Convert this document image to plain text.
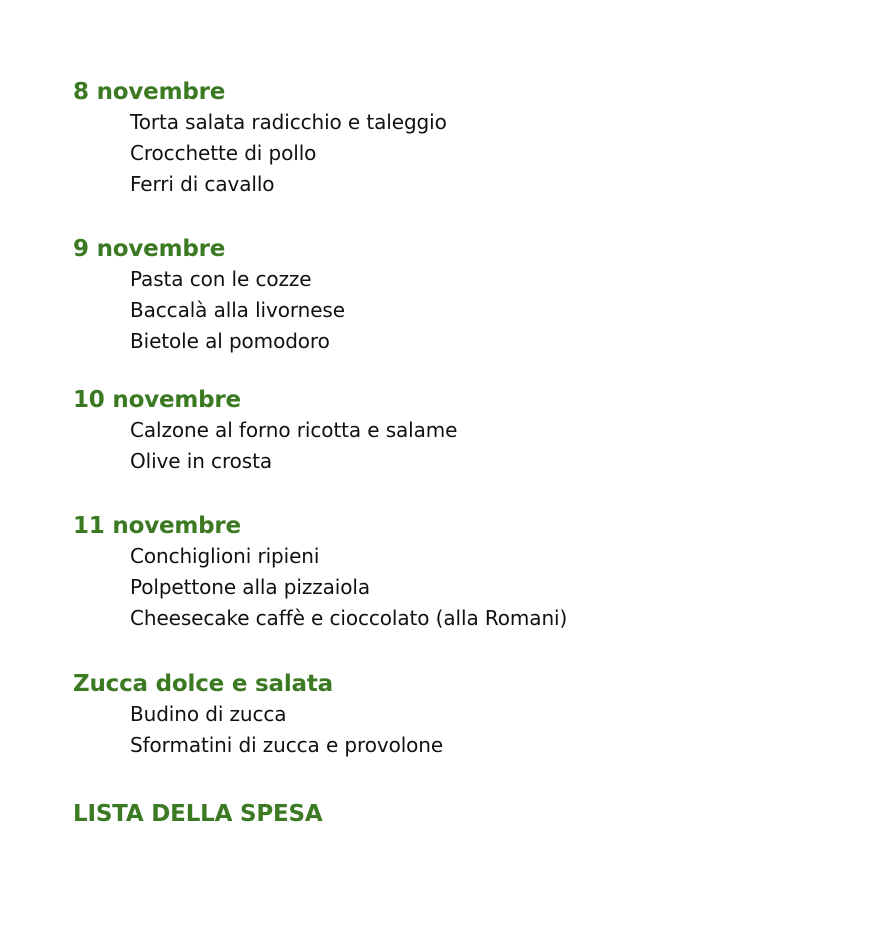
8 novembre
Torta salata radicchio e taleggio
Crocchette di pollo
Ferri di cavallo
9 novembre
Pasta con le cozze
Baccalà alla livornese
Bietole al pomodoro
10 novembre
Calzone al forno ricotta e salame
Olive in crosta
11 novembre
Conchiglioni ripieni
Polpettone alla pizzaiola
Cheesecake caffè e cioccolato (alla Romani)
Zucca dolce e salata
Budino di zucca
Sformatini di zucca e provolone
LISTA DELLA SPESA
